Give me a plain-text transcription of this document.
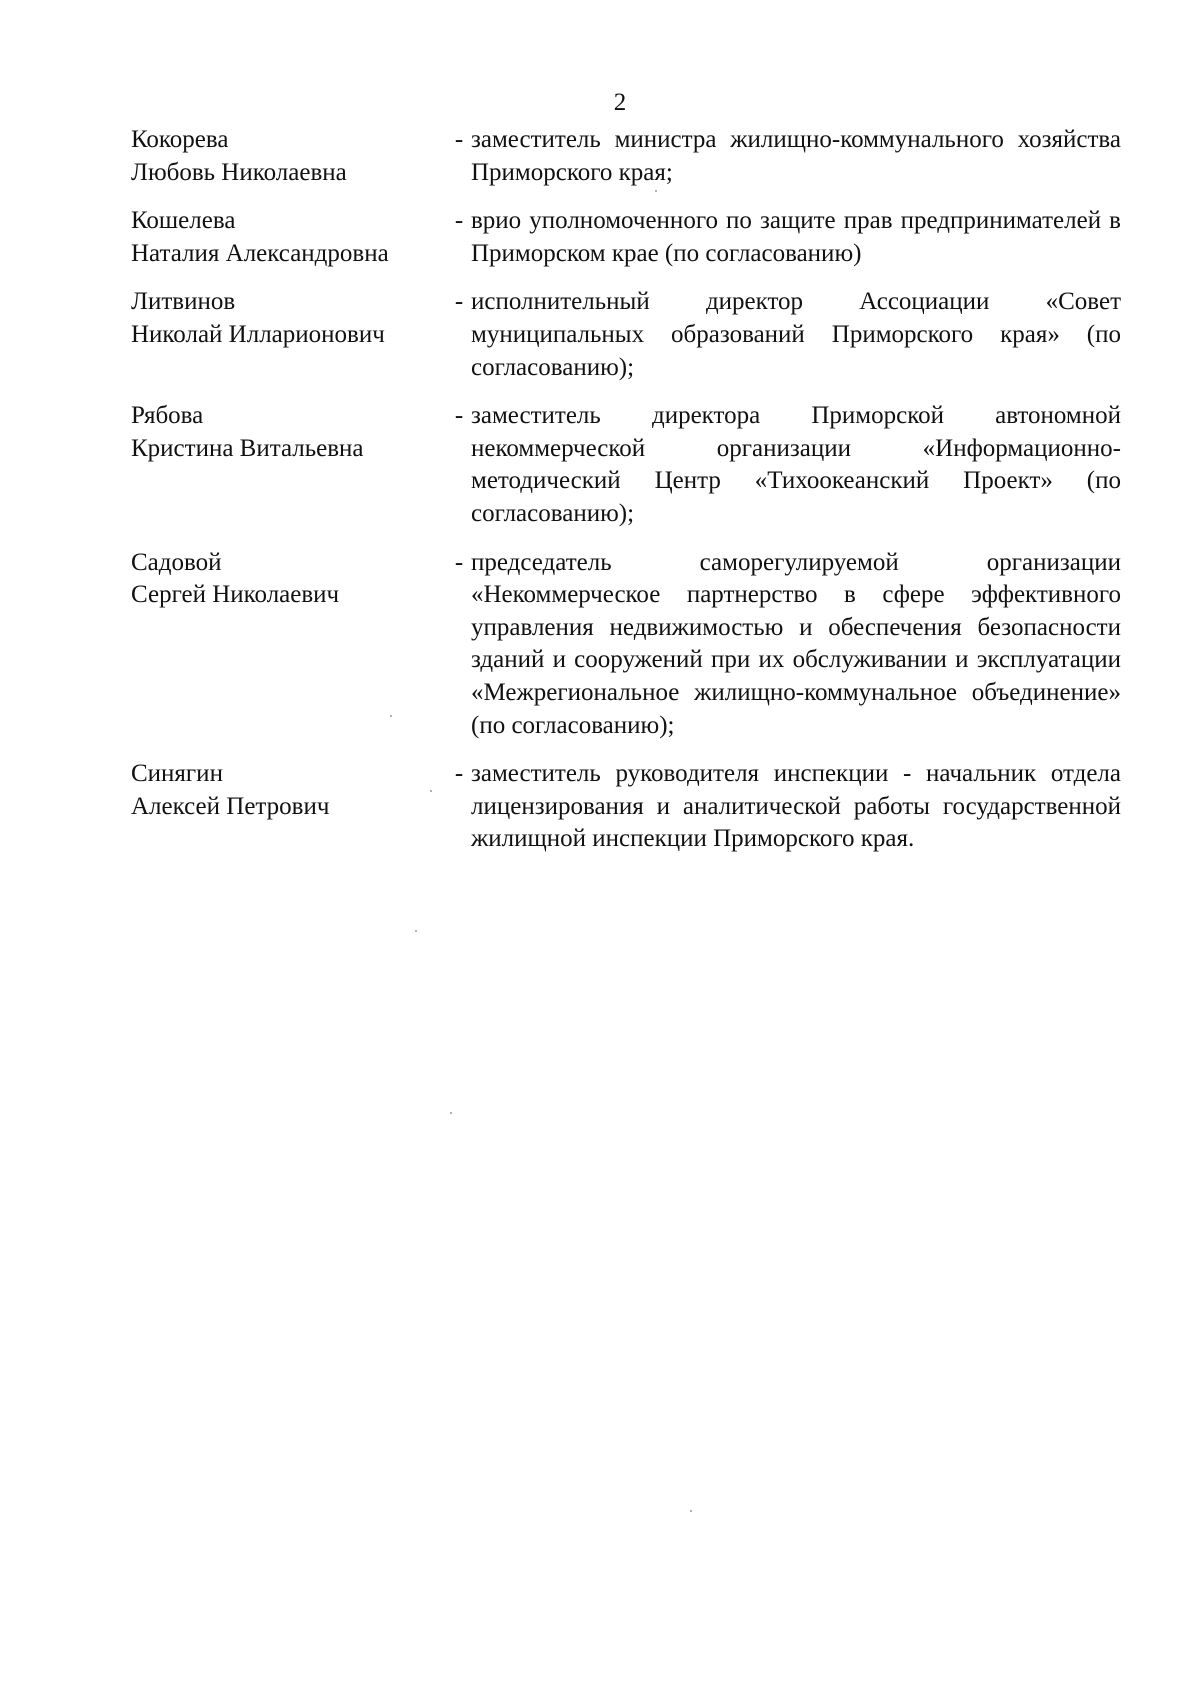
2
Кокорева
Любовь Николаевна
- заместитель министра жилищно-коммунального хозяйства Приморского края;
Кошелева
Наталия Александровна
- врио уполномоченного по защите прав предпринимателей в Приморском крае (по согласованию)
Литвинов
Николай Илларионович
- исполнительный директор Ассоциации «Совет муниципальных образований Приморского края» (по согласованию);
Рябова
Кристина Витальевна
- заместитель директора Приморской автономной некоммерческой организации «Информационно-методический Центр «Тихоокеанский Проект» (по согласованию);
Садовой
Сергей Николаевич
- председатель саморегулируемой организации «Некоммерческое партнерство в сфере эффективного управления недвижимостью и обеспечения безопасности зданий и сооружений при их обслуживании и эксплуатации «Межрегиональное жилищно-коммунальное объединение» (по согласованию);
Синягин
Алексей Петрович
- заместитель руководителя инспекции - начальник отдела лицензирования и аналитической работы государственной жилищной инспекции Приморского края.
